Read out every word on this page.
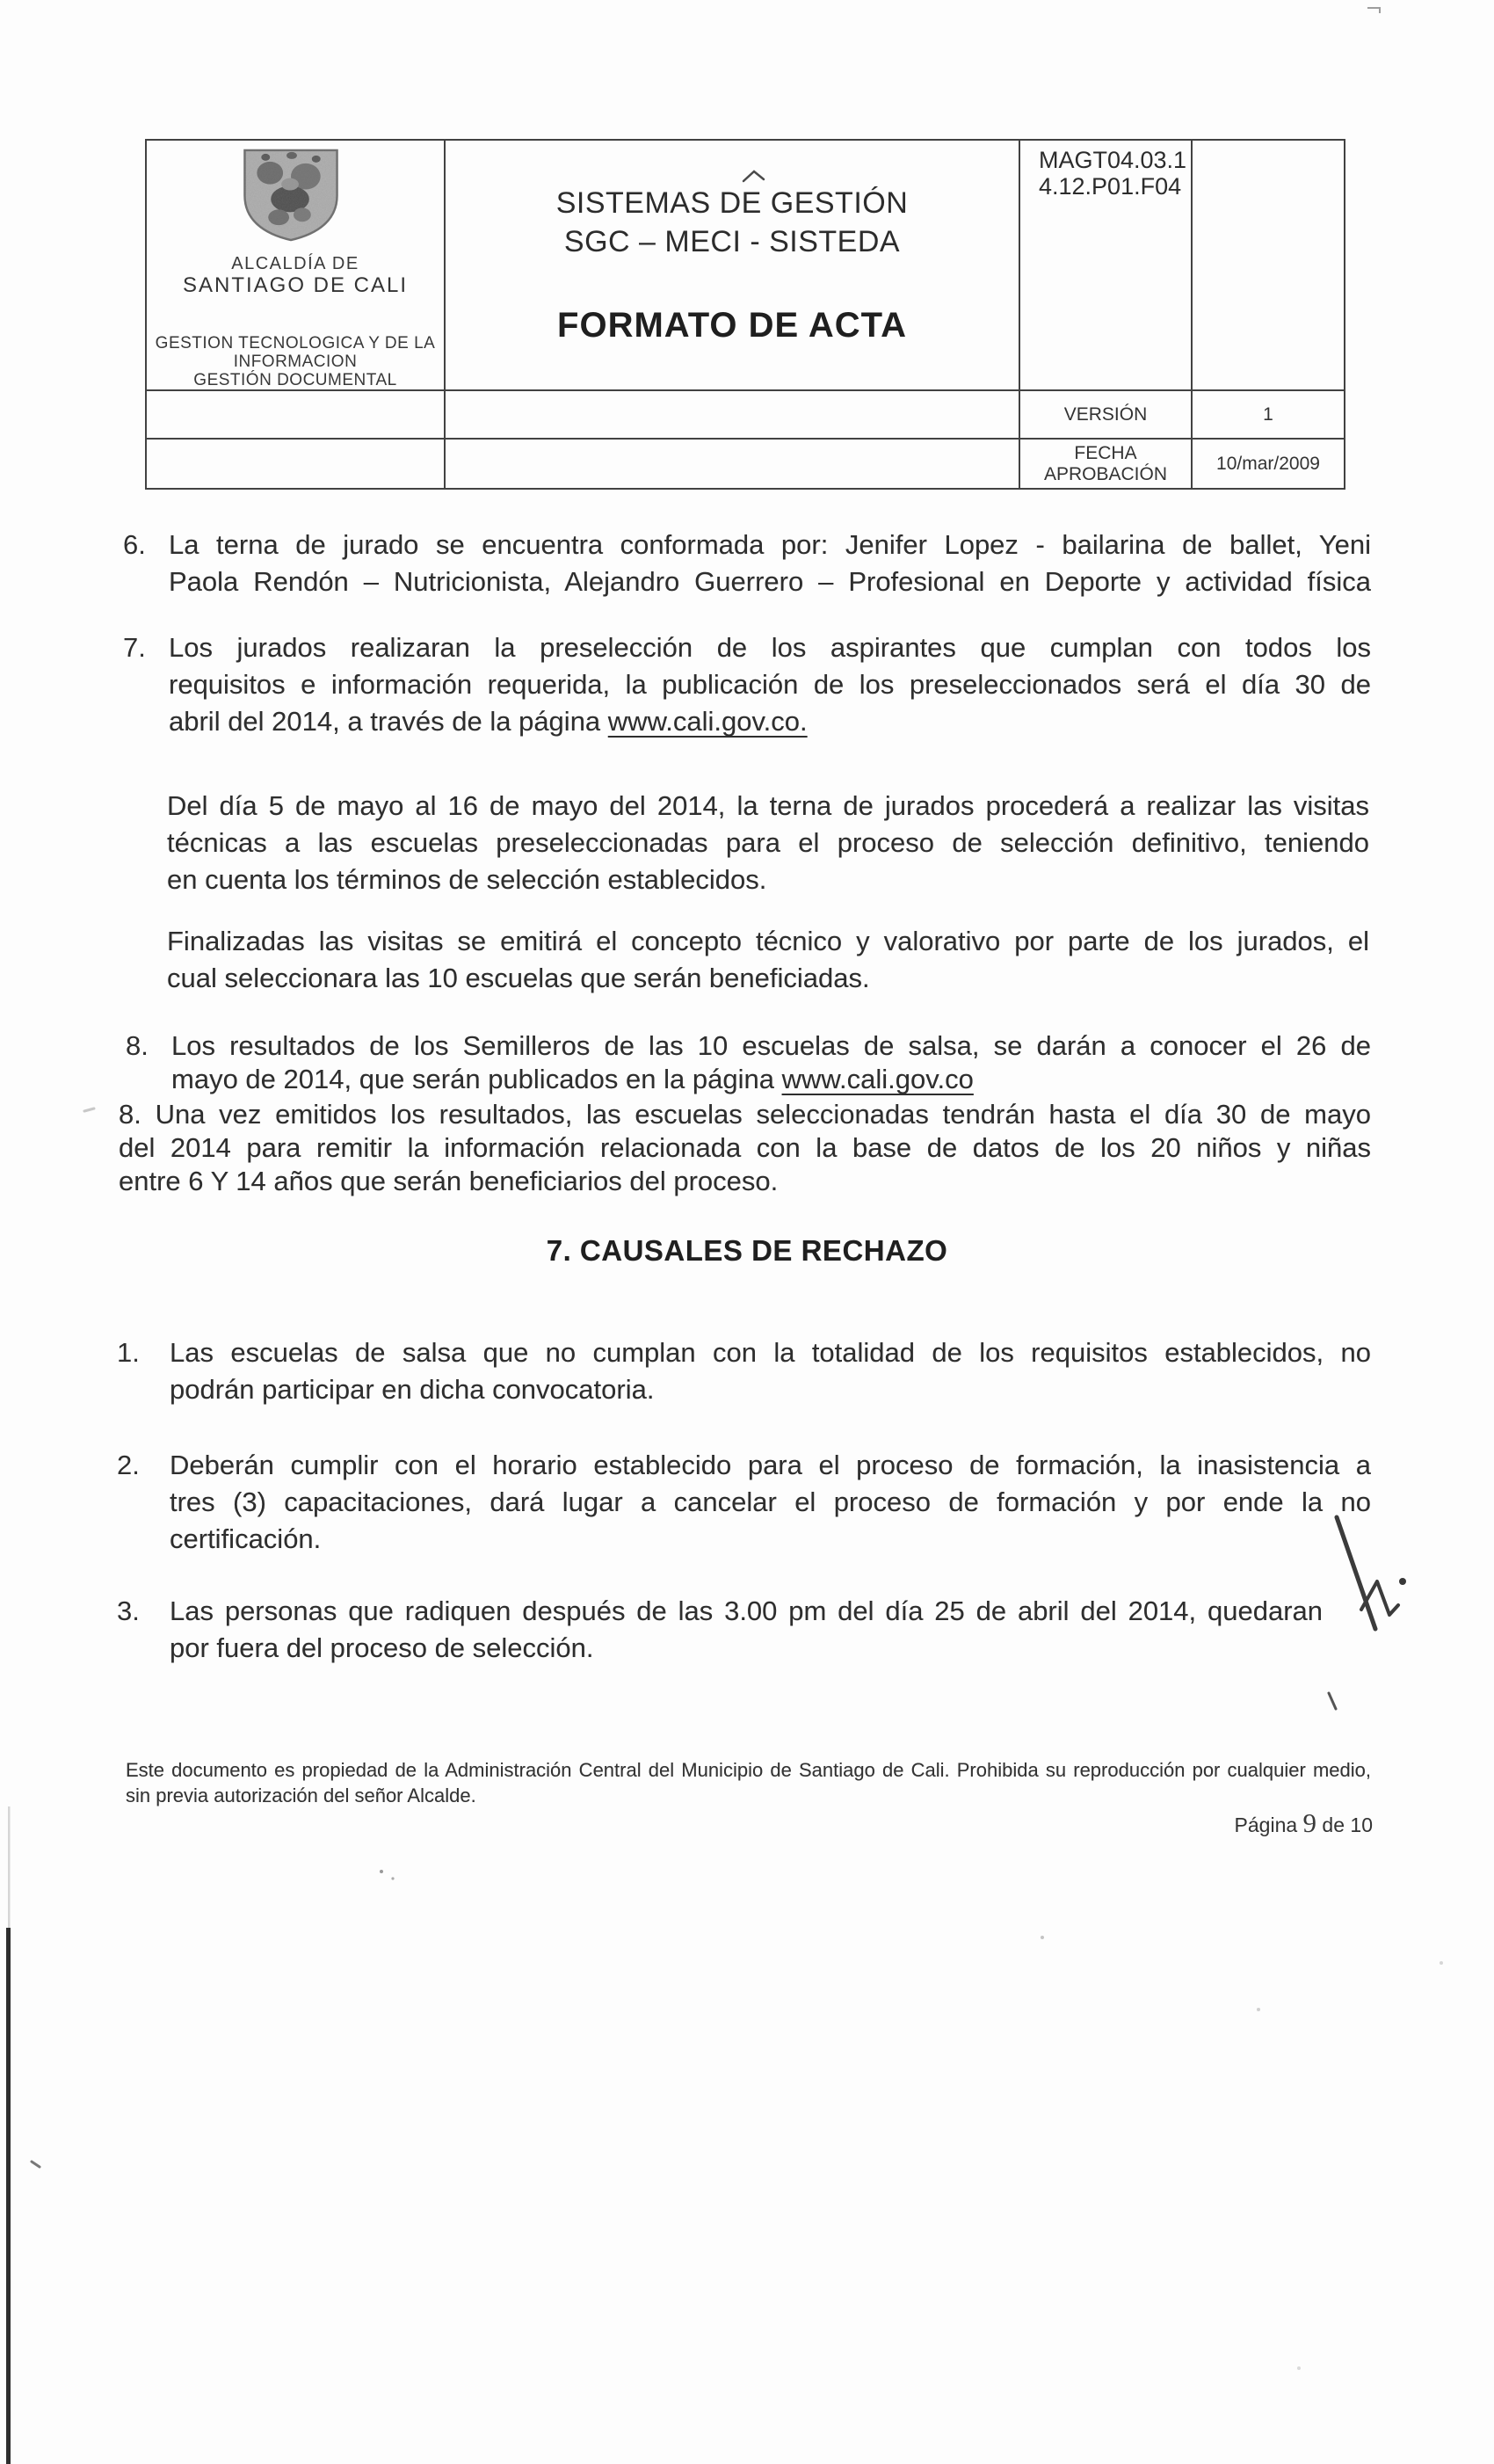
ALCALDÍA DE
SANTIAGO DE CALI
GESTION TECNOLOGICA Y DE LA
INFORMACION
GESTIÓN DOCUMENTAL
SISTEMAS DE GESTIÓN
SGC – MECI - SISTEDA
FORMATO DE ACTA
MAGT04.03.1
4.12.P01.F04
VERSIÓN	1
FECHA
APROBACIÓN
10/mar/2009
6. La terna de jurado se encuentra conformada por: Jenifer Lopez - bailarina de ballet, Yeni
Paola Rendón – Nutricionista, Alejandro Guerrero – Profesional en Deporte y actividad física
7. Los jurados realizaran la preselección de los aspirantes que cumplan con todos los
requisitos e información requerida, la publicación de los preseleccionados será el día 30 de
abril del 2014, a través de la página www.cali.gov.co.
Del día 5 de mayo al 16 de mayo del 2014, la terna de jurados procederá a realizar las visitas
técnicas a las escuelas preseleccionadas para el proceso de selección definitivo, teniendo
en cuenta los términos de selección establecidos.
Finalizadas las visitas se emitirá el concepto técnico y valorativo por parte de los jurados, el
cual seleccionara las 10 escuelas que serán beneficiadas.
8. Los resultados de los Semilleros de las 10 escuelas de salsa, se darán a conocer el 26 de
mayo de 2014, que serán publicados en la página www.cali.gov.co
8. Una vez emitidos los resultados, las escuelas seleccionadas tendrán hasta el día 30 de mayo
del 2014 para remitir la información relacionada con la base de datos de los 20 niños y niñas
entre 6 Y 14 años que serán beneficiarios del proceso.
7. CAUSALES DE RECHAZO
1. Las escuelas de salsa que no cumplan con la totalidad de los requisitos establecidos, no
podrán participar en dicha convocatoria.
2. Deberán cumplir con el horario establecido para el proceso de formación, la inasistencia a
tres (3) capacitaciones, dará lugar a cancelar el proceso de formación y por ende la no
certificación.
3. Las personas que radiquen después de las 3.00 pm del día 25 de abril del 2014, quedaran
por fuera del proceso de selección.
Este documento es propiedad de la Administración Central del Municipio de Santiago de Cali. Prohibida su reproducción por cualquier medio,
sin previa autorización del señor Alcalde.
Página 9 de 10
